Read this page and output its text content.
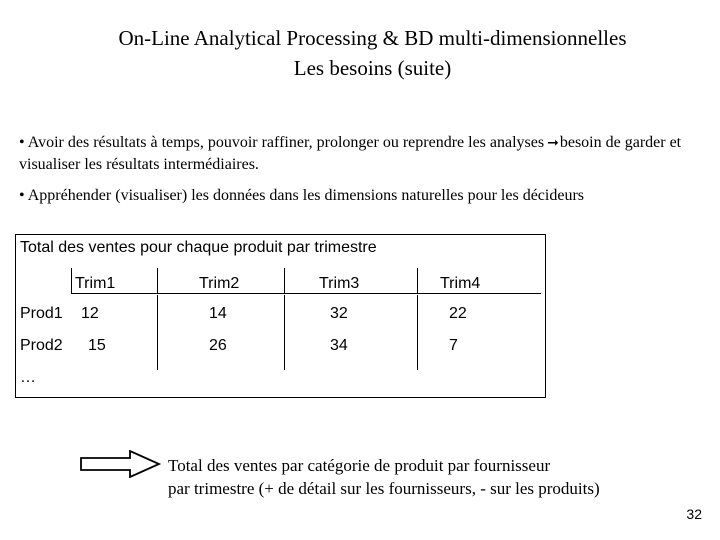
On-Line Analytical Processing & BD multi-dimensionnelles
Les besoins (suite)
• Avoir des résultats à temps, pouvoir raffiner, prolonger ou reprendre les analyses ➞besoin de garder et visualiser les résultats intermédiaires.
• Appréhender (visualiser) les données dans les dimensions naturelles pour les décideurs
Total des ventes pour chaque produit par trimestre
Trim1	Trim2	Trim3	Trim4
Prod1 12	14	32	22
Prod2 15	26	34	7
…
Total des ventes par catégorie de produit par fournisseur
par trimestre (+ de détail sur les fournisseurs, - sur les produits)
32
